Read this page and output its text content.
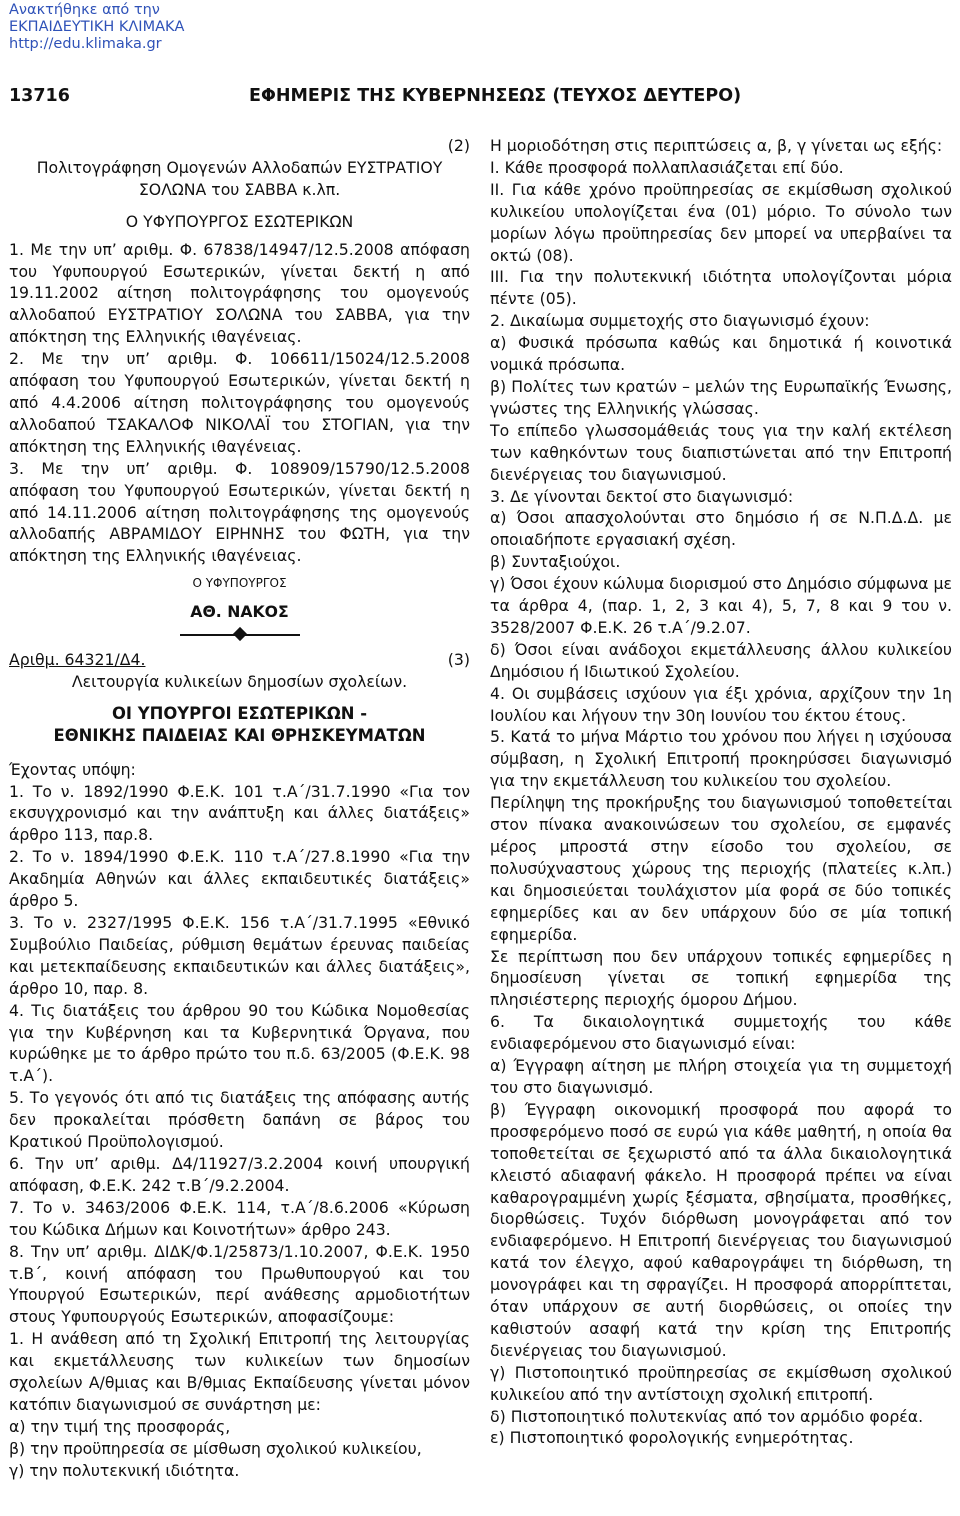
Ανακτήθηκε από την
ΕΚΠΑΙΔΕΥΤΙΚΗ ΚΛΙΜΑΚΑ
http://edu.klimaka.gr
13716	ΕΦΗΜΕΡΙΣ ΤΗΣ ΚΥΒΕΡΝΗΣΕΩΣ (ΤΕΥΧΟΣ ΔΕΥΤΕΡΟ)

(2)

Πολιτογράφηση Ομογενών Αλλοδαπών ΕΥΣΤΡΑΤΙΟΥ ΣΟΛΩΝΑ του ΣΑΒΒΑ κ.λπ.

Ο ΥΦΥΠΟΥΡΓΟΣ ΕΣΩΤΕΡΙΚΩΝ

1. Με την υπ’ αριθμ. Φ. 67838/14947/12.5.2008 απόφαση του Υφυπουργού Εσωτερικών, γίνεται δεκτή η από 19.11.2002 αίτηση πολιτογράφησης του ομογενούς αλλοδαπού ΕΥΣΤΡΑΤΙΟΥ ΣΟΛΩΝΑ του ΣΑΒΒΑ, για την απόκτηση της Ελληνικής ιθαγένειας.

2. Με την υπ’ αριθμ. Φ. 106611/15024/12.5.2008 απόφαση του Υφυπουργού Εσωτερικών, γίνεται δεκτή η από 4.4.2006 αίτηση πολιτογράφησης του ομογενούς αλλοδαπού ΤΣΑΚΑΛΟΦ ΝΙΚΟΛΑΪ του ΣΤΟΓΙΑΝ, για την απόκτηση της Ελληνικής ιθαγένειας.

3. Με την υπ’ αριθμ. Φ. 108909/15790/12.5.2008 απόφαση του Υφυπουργού Εσωτερικών, γίνεται δεκτή η από 14.11.2006 αίτηση πολιτογράφησης της ομογενούς αλλοδαπής ΑΒΡΑΜΙΔΟΥ ΕΙΡΗΝΗΣ του ΦΩΤΗ, για την απόκτηση της Ελληνικής ιθαγένειας.

Ο ΥΦΥΠΟΥΡΓΟΣ

ΑΘ. ΝΑΚΟΣ

Αριθμ. 64321/Δ4.	(3)

Λειτουργία κυλικείων δημοσίων σχολείων.

ΟΙ ΥΠΟΥΡΓΟΙ ΕΣΩΤΕΡΙΚΩΝ -

ΕΘΝΙΚΗΣ ΠΑΙΔΕΙΑΣ ΚΑΙ ΘΡΗΣΚΕΥΜΑΤΩΝ

Έχοντας υπόψη:

1. Το ν. 1892/1990 Φ.Ε.Κ. 101 τ.Α΄/31.7.1990 «Για τον εκσυγχρονισμό και την ανάπτυξη και άλλες διατάξεις» άρθρο 113, παρ.8.

2. Το ν. 1894/1990 Φ.Ε.Κ. 110 τ.Α΄/27.8.1990 «Για την Ακαδημία Αθηνών και άλλες εκπαιδευτικές διατάξεις» άρθρο 5.

3. Το ν. 2327/1995 Φ.Ε.Κ. 156 τ.Α΄/31.7.1995 «Εθνικό Συμβούλιο Παιδείας, ρύθμιση θεμάτων έρευνας παιδείας και μετεκπαίδευσης εκπαιδευτικών και άλλες διατάξεις», άρθρο 10, παρ. 8.

4. Τις διατάξεις του άρθρου 90 του Κώδικα Νομοθεσίας για την Κυβέρνηση και τα Κυβερνητικά Όργανα, που κυρώθηκε με το άρθρο πρώτο του π.δ. 63/2005 (Φ.Ε.Κ. 98 τ.Α΄).

5. Το γεγονός ότι από τις διατάξεις της απόφασης αυτής δεν προκαλείται πρόσθετη δαπάνη σε βάρος του Κρατικού Προϋπολογισμού.

6. Την υπ’ αριθμ. Δ4/11927/3.2.2004 κοινή υπουργική απόφαση, Φ.Ε.Κ. 242 τ.Β΄/9.2.2004.

7. Το ν. 3463/2006 Φ.Ε.Κ. 114, τ.Α΄/8.6.2006 «Κύρωση του Κώδικα Δήμων και Κοινοτήτων» άρθρο 243.

8. Την υπ’ αριθμ. ΔΙΔΚ/Φ.1/25873/1.10.2007, Φ.Ε.Κ. 1950 τ.Β΄, κοινή απόφαση του Πρωθυπουργού και του Υπουργού Εσωτερικών, περί ανάθεσης αρμοδιοτήτων στους Υφυπουργούς Εσωτερικών, αποφασίζουμε:

1. Η ανάθεση από τη Σχολική Επιτροπή της λειτουργίας και εκμετάλλευσης των κυλικείων των δημοσίων σχολείων Α/θμιας και Β/θμιας Εκπαίδευσης γίνεται μόνον κατόπιν διαγωνισμού σε συνάρτηση με:

α) την τιμή της προσφοράς,

β) την προϋπηρεσία σε μίσθωση σχολικού κυλικείου,

γ) την πολυτεκνική ιδιότητα.

Η μοριοδότηση στις περιπτώσεις α, β, γ γίνεται ως εξής:

Ι. Κάθε προσφορά πολλαπλασιάζεται επί δύο.

ΙΙ. Για κάθε χρόνο προϋπηρεσίας σε εκμίσθωση σχολικού κυλικείου υπολογίζεται ένα (01) μόριο. Το σύνολο των μορίων λόγω προϋπηρεσίας δεν μπορεί να υπερβαίνει τα οκτώ (08).

ΙΙΙ. Για την πολυτεκνική ιδιότητα υπολογίζονται μόρια πέντε (05).

2. Δικαίωμα συμμετοχής στο διαγωνισμό έχουν:

α) Φυσικά πρόσωπα καθώς και δημοτικά ή κοινοτικά νομικά πρόσωπα.

β) Πολίτες των κρατών – μελών της Ευρωπαϊκής Ένωσης, γνώστες της Ελληνικής γλώσσας.

Το επίπεδο γλωσσομάθειάς τους για την καλή εκτέλεση των καθηκόντων τους διαπιστώνεται από την Επιτροπή διενέργειας του διαγωνισμού.

3. Δε γίνονται δεκτοί στο διαγωνισμό:

α) Όσοι απασχολούνται στο δημόσιο ή σε Ν.Π.Δ.Δ. με οποιαδήποτε εργασιακή σχέση.

β) Συνταξιούχοι.

γ) Όσοι έχουν κώλυμα διορισμού στο Δημόσιο σύμφωνα με τα άρθρα 4, (παρ. 1, 2, 3 και 4), 5, 7, 8 και 9 του ν. 3528/2007 Φ.Ε.Κ. 26 τ.Α΄/9.2.07.

δ) Όσοι είναι ανάδοχοι εκμετάλλευσης άλλου κυλικείου Δημόσιου ή Ιδιωτικού Σχολείου.

4. Οι συμβάσεις ισχύουν για έξι χρόνια, αρχίζουν την 1η Ιουλίου και λήγουν την 30η Ιουνίου του έκτου έτους.

5. Κατά το μήνα Μάρτιο του χρόνου που λήγει η ισχύουσα σύμβαση, η Σχολική Επιτροπή προκηρύσσει διαγωνισμό για την εκμετάλλευση του κυλικείου του σχολείου.

Περίληψη της προκήρυξης του διαγωνισμού τοποθετείται στον πίνακα ανακοινώσεων του σχολείου, σε εμφανές μέρος μπροστά στην είσοδο του σχολείου, σε πολυσύχναστους χώρους της περιοχής (πλατείες κ.λπ.) και δημοσιεύεται τουλάχιστον μία φορά σε δύο τοπικές εφημερίδες και αν δεν υπάρχουν δύο σε μία τοπική εφημερίδα.

Σε περίπτωση που δεν υπάρχουν τοπικές εφημερίδες η δημοσίευση γίνεται σε τοπική εφημερίδα της πλησιέστερης περιοχής όμορου Δήμου.

6. Τα δικαιολογητικά συμμετοχής του κάθε ενδιαφερόμενου στο διαγωνισμό είναι:

α) Έγγραφη αίτηση με πλήρη στοιχεία για τη συμμετοχή του στο διαγωνισμό.

β) Έγγραφη οικονομική προσφορά που αφορά το προσφερόμενο ποσό σε ευρώ για κάθε μαθητή, η οποία θα τοποθετείται σε ξεχωριστό από τα άλλα δικαιολογητικά κλειστό αδιαφανή φάκελο. Η προσφορά πρέπει να είναι καθαρογραμμένη χωρίς ξέσματα, σβησίματα, προσθήκες, διορθώσεις. Τυχόν διόρθωση μονογράφεται από τον ενδιαφερόμενο. Η Επιτροπή διενέργειας του διαγωνισμού κατά τον έλεγχο, αφού καθαρογράψει τη διόρθωση, τη μονογράφει και τη σφραγίζει. Η προσφορά απορρίπτεται, όταν υπάρχουν σε αυτή διορθώσεις, οι οποίες την καθιστούν ασαφή κατά την κρίση της Επιτροπής διενέργειας του διαγωνισμού.

γ) Πιστοποιητικό προϋπηρεσίας σε εκμίσθωση σχολικού κυλικείου από την αντίστοιχη σχολική επιτροπή.

δ) Πιστοποιητικό πολυτεκνίας από τον αρμόδιο φορέα.

ε) Πιστοποιητικό φορολογικής ενημερότητας.
